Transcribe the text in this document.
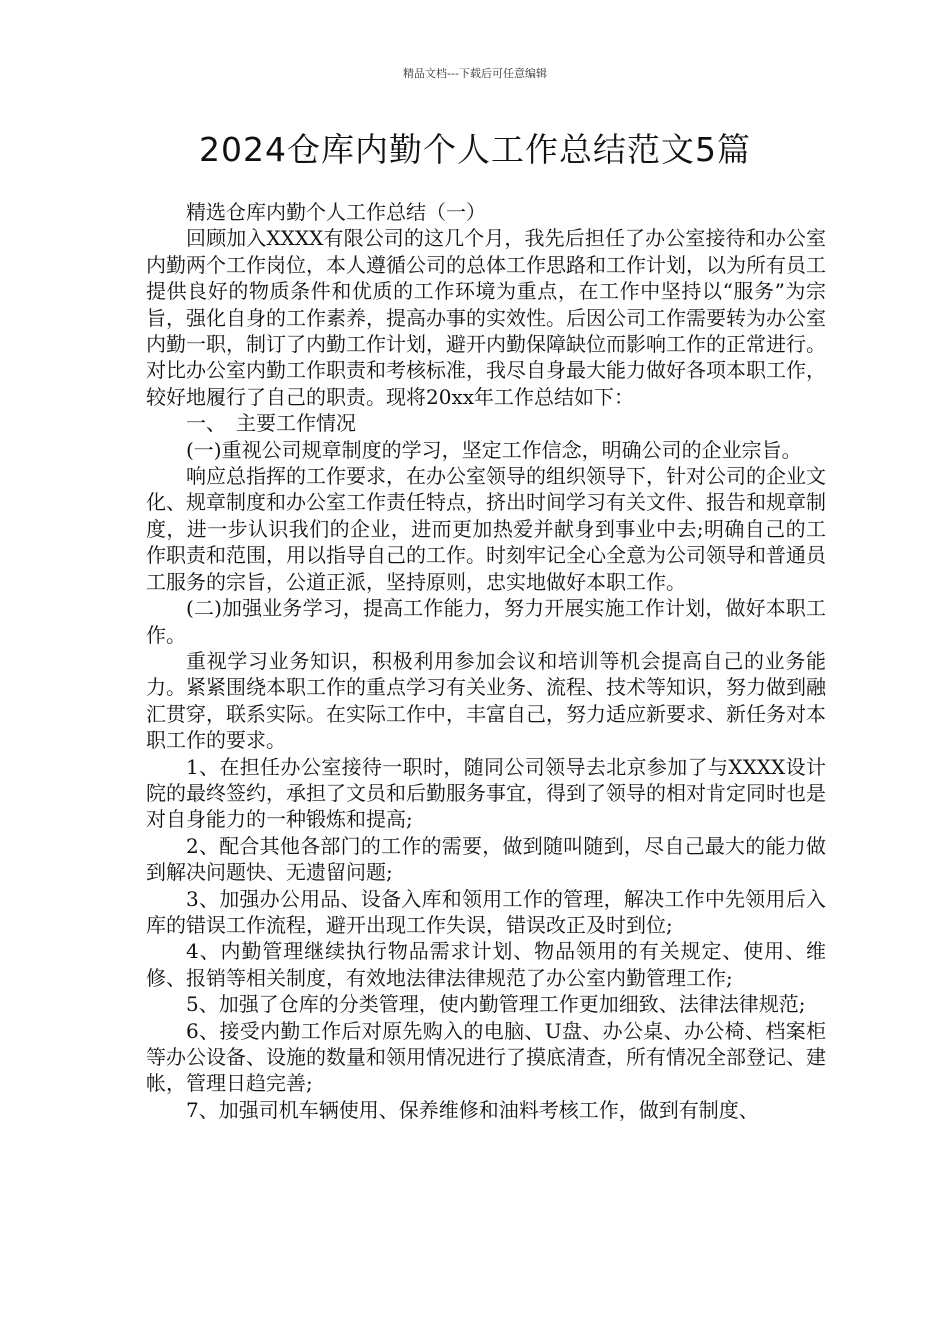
精品文档---下载后可任意编辑
2024仓库内勤个人工作总结范文5篇

精选仓库内勤个人工作总结（一）

回顾加入XXXX有限公司的这几个月，我先后担任了办公室接待和办公室内勤两个工作岗位，本人遵循公司的总体工作思路和工作计划，以为所有员工提供良好的物质条件和优质的工作环境为重点，在工作中坚持以“服务”为宗旨，强化自身的工作素养，提高办事的实效性。后因公司工作需要转为办公室内勤一职，制订了内勤工作计划，避开内勤保障缺位而影响工作的正常进行。对比办公室内勤工作职责和考核标准，我尽自身最大能力做好各项本职工作，较好地履行了自己的职责。现将20xx年工作总结如下：

一、　主要工作情况

(一)重视公司规章制度的学习，坚定工作信念，明确公司的企业宗旨。

响应总指挥的工作要求，在办公室领导的组织领导下，针对公司的企业文化、规章制度和办公室工作责任特点，挤出时间学习有关文件、报告和规章制度，进一步认识我们的企业，进而更加热爱并献身到事业中去;明确自己的工作职责和范围，用以指导自己的工作。时刻牢记全心全意为公司领导和普通员工服务的宗旨，公道正派，坚持原则，忠实地做好本职工作。

(二)加强业务学习，提高工作能力，努力开展实施工作计划，做好本职工作。

重视学习业务知识，积极利用参加会议和培训等机会提高自己的业务能力。紧紧围绕本职工作的重点学习有关业务、流程、技术等知识，努力做到融汇贯穿，联系实际。在实际工作中，丰富自己，努力适应新要求、新任务对本职工作的要求。

1、在担任办公室接待一职时，随同公司领导去北京参加了与XXXX设计院的最终签约，承担了文员和后勤服务事宜，得到了领导的相对肯定同时也是对自身能力的一种锻炼和提高;

2、配合其他各部门的工作的需要，做到随叫随到，尽自己最大的能力做到解决问题快、无遗留问题;

3、加强办公用品、设备入库和领用工作的管理，解决工作中先领用后入库的错误工作流程，避开出现工作失误，错误改正及时到位;

4、内勤管理继续执行物品需求计划、物品领用的有关规定、使用、维修、报销等相关制度，有效地法律法律规范了办公室内勤管理工作;

5、加强了仓库的分类管理，使内勤管理工作更加细致、法律法律规范;

6、接受内勤工作后对原先购入的电脑、U盘、办公桌、办公椅、档案柜等办公设备、设施的数量和领用情况进行了摸底清查，所有情况全部登记、建帐，管理日趋完善;

7、加强司机车辆使用、保养维修和油料考核工作，做到有制度、
